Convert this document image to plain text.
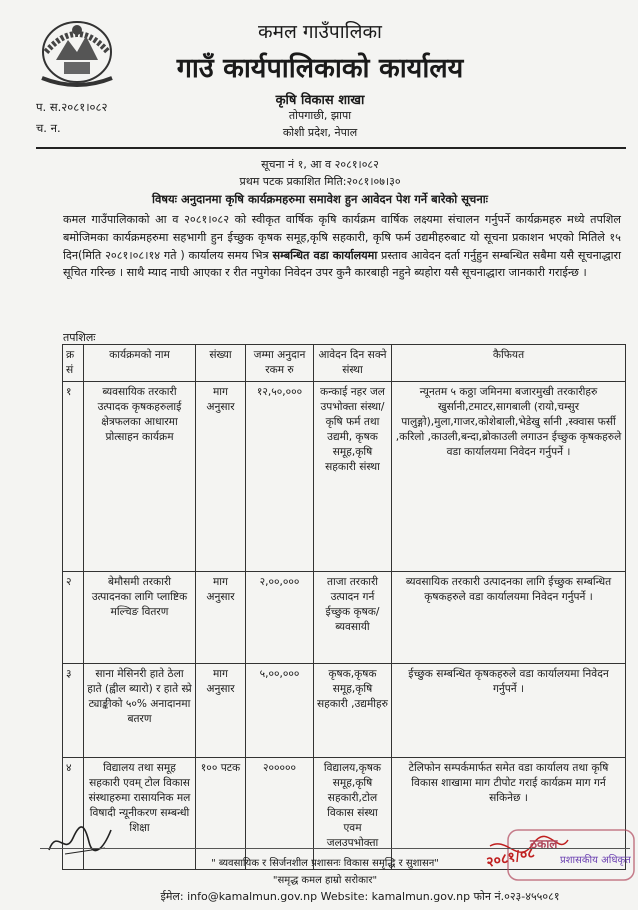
कमल गाउँपालिका
गाउँ कार्यपालिकाको कार्यालय
कृषि विकास शाखा
तोपगाछी, झापा
कोशी प्रदेश, नेपाल
प. स.२०८१।०८२
च. न.
सूचना नं १, आ व २०८१।०८२
प्रथम पटक प्रकाशित मिति:२०८१।०७।३०
विषयः अनुदानमा कृषि कार्यक्रमहरुमा समावेश हुन आवेदन पेश गर्ने बारेको सूचनाः
कमल गाउँपालिकाको आ व २०८१।०८२ को स्वीकृत वार्षिक कृषि कार्यक्रम वार्षिक लक्ष्यमा संचालन गर्नुपर्ने कार्यक्रमहरु मध्ये तपशिल बमोजिमका कार्यक्रमहरुमा सहभागी हुन ईच्छुक कृषक समूह,कृषि सहकारी, कृषि फर्म उद्यमीहरुबाट यो सूचना प्रकाशन भएको मितिले १५ दिन(मिति २०८१।०८।१४ गते ) कार्यालय समय भित्र सम्बन्धित वडा कार्यालयमा प्रस्ताव आवेदन दर्ता गर्नुहुन सम्बन्धित सबैमा यसै सूचनाद्धारा सूचित गरिन्छ । साथै म्याद नाघी आएका र रीत नपुगेका निवेदन उपर कुनै कारबाही नहुने ब्यहोरा यसै सूचनाद्धारा जानकारी गराईन्छ ।
तपशिलः
क्र सं	कार्यक्रमको नाम	संख्या	जम्मा अनुदान रकम रु	आवेदन दिन सक्ने संस्था	कैफियत
१	ब्यवसायिक तरकारी उत्पादक कृषकहरुलाई क्षेत्रफलका आधारमा प्रोत्साहन कार्यक्रम	माग अनुसार	१२,५०,०००	कन्काई नहर जल उपभोक्ता संस्था/कृषि फर्म तथा उद्यमी, कृषक समूह,कृषि सहकारी संस्था	न्यूनतम ५ कठ्ठा जमिनमा बजारमुखी तरकारीहरु खुर्सानी,टमाटर,सागबाली (रायो,चम्सुर पालुङ्गो),मुला,गाजर,कोशेबाली,भेडेखु र्सानी ,स्क्वास फर्सी ,करिलो ,काउली,बन्दा,ब्रोकाउली लगाउन ईच्छुक कृषकहरुले वडा कार्यालयमा निवेदन गर्नुपर्ने ।
२	बेमौसमी तरकारी उत्पादनका लागि प्लाष्टिक मल्चिङ वितरण	माग अनुसार	२,००,०००	ताजा तरकारी उत्पादन गर्न ईच्छुक कृषक/ब्यवसायी	ब्यवसायिक तरकारी उत्पादनका लागि ईच्छुक सम्बन्धित कृषकहरुले वडा कार्यालयमा निवेदन गर्नुपर्ने ।
३	साना मेसिनरी हाते ठेला हाते (ह्वील ब्यारो) र हाते स्प्रे ट्याङ्कीको ५०% अनादानमा बतरण	माग अनुसार	५,००,०००	कृषक,कृषक समूह,कृषि सहकारी ,उद्यमीहरु	ईच्छुक सम्बन्धित कृषकहरुले वडा कार्यालयमा निवेदन गर्नुपर्ने ।
४	विद्यालय तथा समूह सहकारी एवम् टोल विकास संस्थाहरुमा रासायनिक मल विषादी न्यूनीकरण सम्बन्धी शिक्षा	१०० पटक	२०००००	विद्यालय,कृषक समूह,कृषि सहकारी,टोल विकास संस्था एवम जलउपभोक्ता	टेलिफोन सम्पर्कमार्फत समेत वडा कार्यालय तथा कृषि विकास शाखामा माग टीपोट गराई कार्यक्रम माग गर्न सकिनेछ ।
ठकाल
प्रशासकीय अधिकृत
२०८१/०८
" ब्यवसायिक र सिर्जनशील प्रशासनः विकास समृद्धि र सुशासन"
"समृद्ध कमल हाम्रो सरोकार"
ईमेल: info@kamalmun.gov.np Website: kamalmun.gov.np फोन नं.०२३-४५५०८१
